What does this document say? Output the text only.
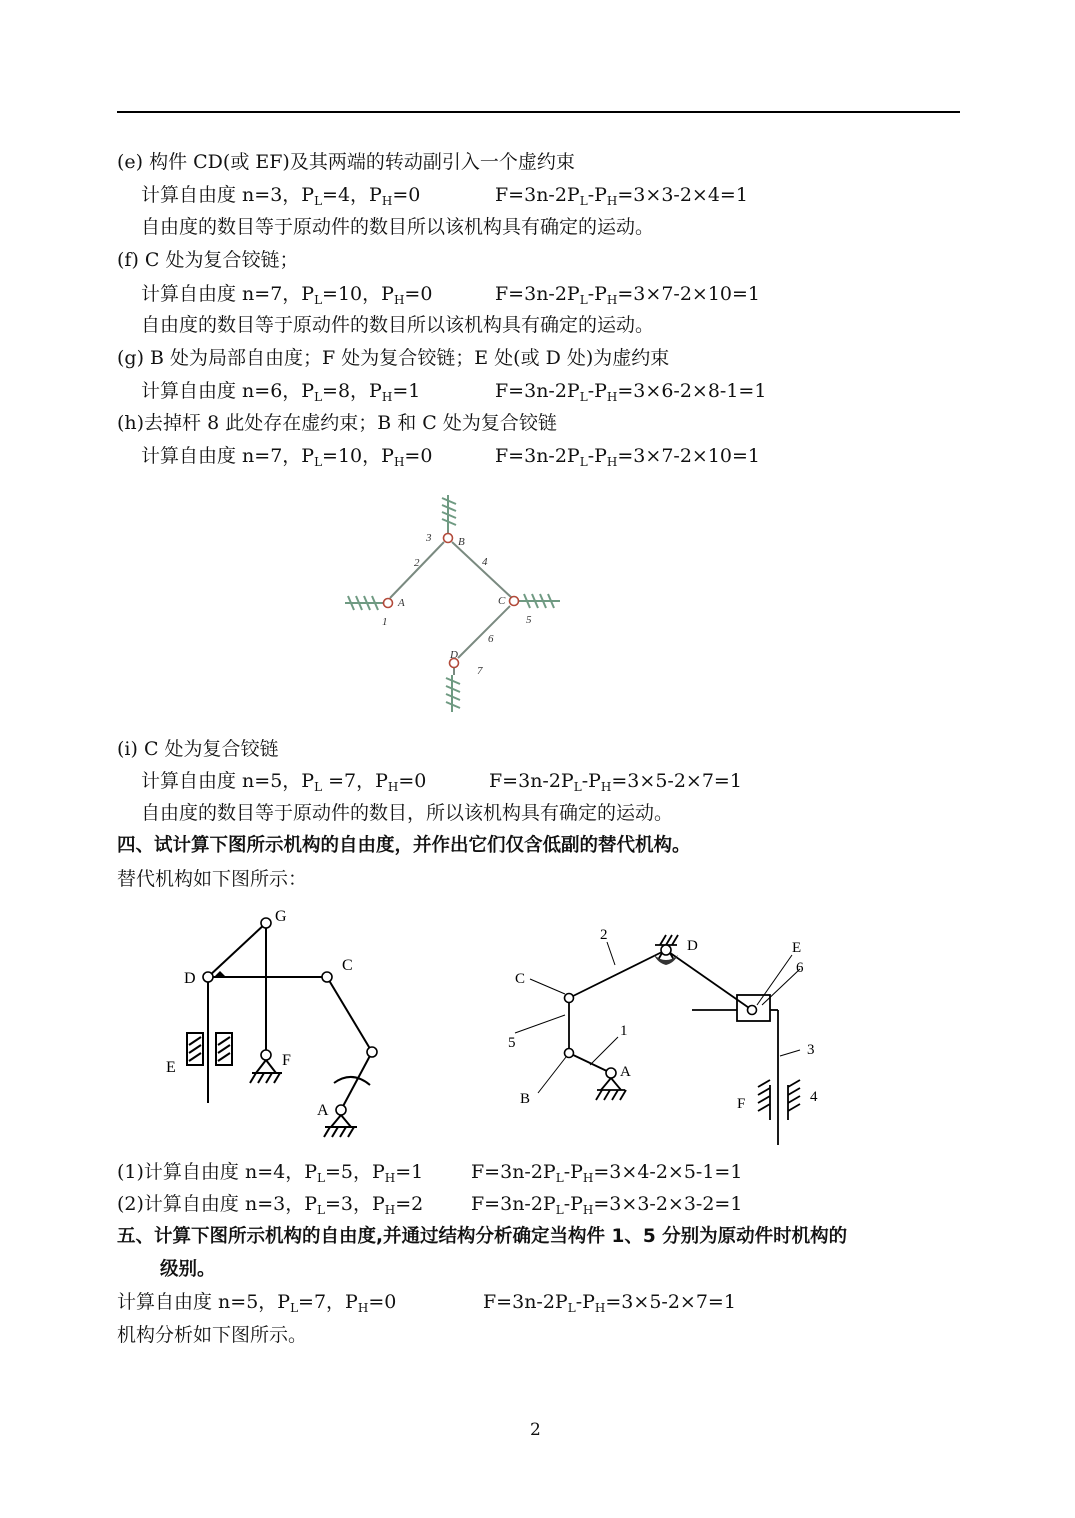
(e) 构件 CD(或 EF)及其两端的转动副引入一个虚约束
计算自由度 n=3，$P_L=4$，$P_H=0$	$F=3n-2P_L-P_H=3\times 3-2\times 4=1$
自由度的数目等于原动件的数目所以该机构具有确定的运动。
(f) C 处为复合铰链；
计算自由度 n=7，$P_L=10$，$P_H=0$	$F=3n-2P_L-P_H=3\times 7-2\times 10=1$
自由度的数目等于原动件的数目所以该机构具有确定的运动。
(g) B 处为局部自由度；F 处为复合铰链；E 处(或 D 处)为虚约束
计算自由度 n=6，$P_L=8$，$P_H=1$	$F=3n-2P_L-P_H=3\times 6-2\times 8-1=1$
(h)去掉杆 8 此处存在虚约束；B 和 C 处为复合铰链
计算自由度 n=7，$P_L=10$，$P_H=0$	$F=3n-2P_L-P_H=3\times 7-2\times 10=1$
3 B
2	4
A	C
1	5
6
D
7
(i) C 处为复合铰链
计算自由度 n=5，$P_L =7$，$P_H=0$	$F=3n-2P_L-P_H=3\times 5-2\times 7=1$
自由度的数目等于原动件的数目，所以该机构具有确定的运动。
四、试计算下图所示机构的自由度，并作出它们仅含低副的替代机构。
替代机构如下图所示：
G
C
D
E	F
A
2
D	E
6
C
1
5	3
A
B	F	4
(1)计算自由度 n=4，$P_L=5$，$P_H=1$	$F=3n-2P_L-P_H=3\times 4-2\times 5-1=1$
(2)计算自由度 n=3，$P_L=3$，$P_H=2$	$F=3n-2P_L-P_H=3\times 3-2\times 3-2=1$
五、计算下图所示机构的自由度,并通过结构分析确定当构件 1、5 分别为原动件时机构的
级别。
计算自由度 n=5，$P_L=7$，$P_H=0$	$F=3n-2P_L-P_H=3\times 5-2\times 7=1$
机构分析如下图所示。
2
